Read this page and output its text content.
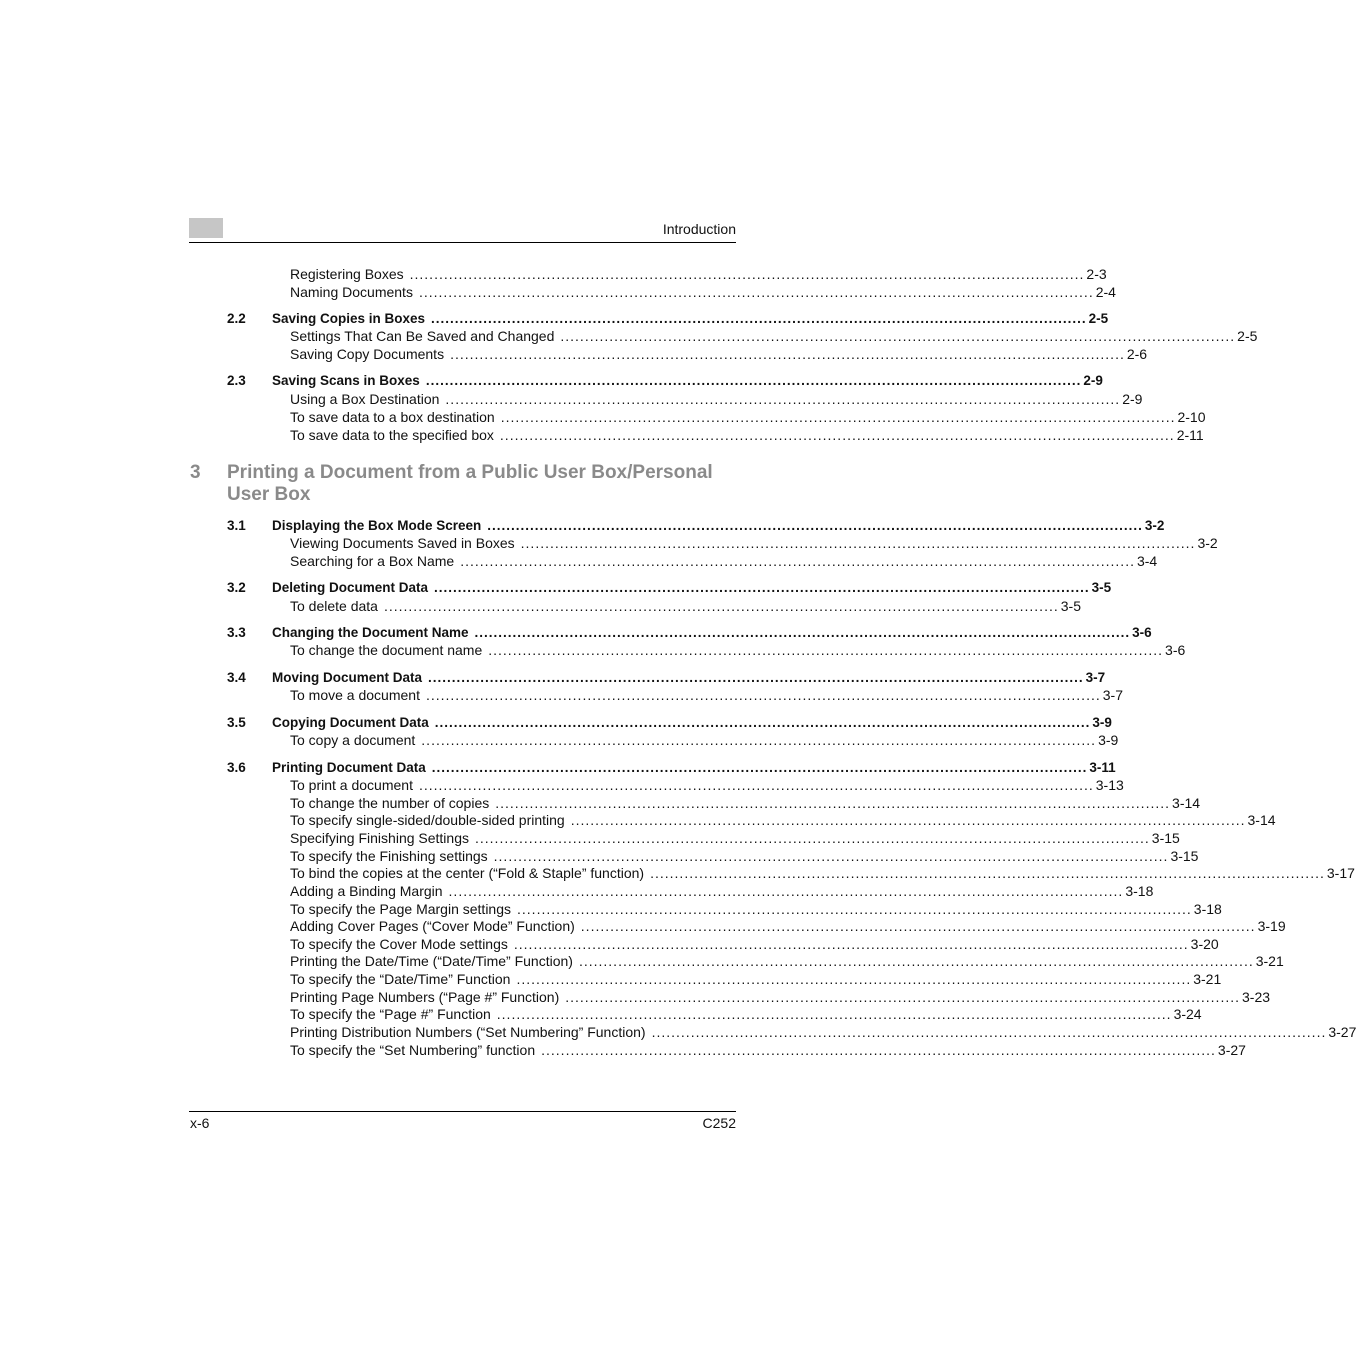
Introduction
Registering Boxes .......................................................................................................................................... 2-3
Naming Documents .......................................................................................................................................... 2-4
2.2 Saving Copies in Boxes .......................................................................................................................................... 2-5
Settings That Can Be Saved and Changed .......................................................................................................................................... 2-5
Saving Copy Documents .......................................................................................................................................... 2-6
2.3 Saving Scans in Boxes .......................................................................................................................................... 2-9
Using a Box Destination .......................................................................................................................................... 2-9
To save data to a box destination .......................................................................................................................................... 2-10
To save data to the specified box .......................................................................................................................................... 2-11
3 Printing a Document from a Public User Box/Personal User Box
3.1 Displaying the Box Mode Screen .......................................................................................................................................... 3-2
Viewing Documents Saved in Boxes .......................................................................................................................................... 3-2
Searching for a Box Name .......................................................................................................................................... 3-4
3.2 Deleting Document Data .......................................................................................................................................... 3-5
To delete data .......................................................................................................................................... 3-5
3.3 Changing the Document Name .......................................................................................................................................... 3-6
To change the document name .......................................................................................................................................... 3-6
3.4 Moving Document Data .......................................................................................................................................... 3-7
To move a document .......................................................................................................................................... 3-7
3.5 Copying Document Data .......................................................................................................................................... 3-9
To copy a document .......................................................................................................................................... 3-9
3.6 Printing Document Data .......................................................................................................................................... 3-11
To print a document .......................................................................................................................................... 3-13
To change the number of copies .......................................................................................................................................... 3-14
To specify single-sided/double-sided printing .......................................................................................................................................... 3-14
Specifying Finishing Settings .......................................................................................................................................... 3-15
To specify the Finishing settings .......................................................................................................................................... 3-15
To bind the copies at the center (“Fold & Staple” function) .......................................................................................................................................... 3-17
Adding a Binding Margin .......................................................................................................................................... 3-18
To specify the Page Margin settings .......................................................................................................................................... 3-18
Adding Cover Pages (“Cover Mode” Function) .......................................................................................................................................... 3-19
To specify the Cover Mode settings .......................................................................................................................................... 3-20
Printing the Date/Time (“Date/Time” Function) .......................................................................................................................................... 3-21
To specify the “Date/Time” Function .......................................................................................................................................... 3-21
Printing Page Numbers (“Page #” Function) .......................................................................................................................................... 3-23
To specify the “Page #” Function .......................................................................................................................................... 3-24
Printing Distribution Numbers (“Set Numbering” Function) .......................................................................................................................................... 3-27
To specify the “Set Numbering” function .......................................................................................................................................... 3-27
x-6	C252
